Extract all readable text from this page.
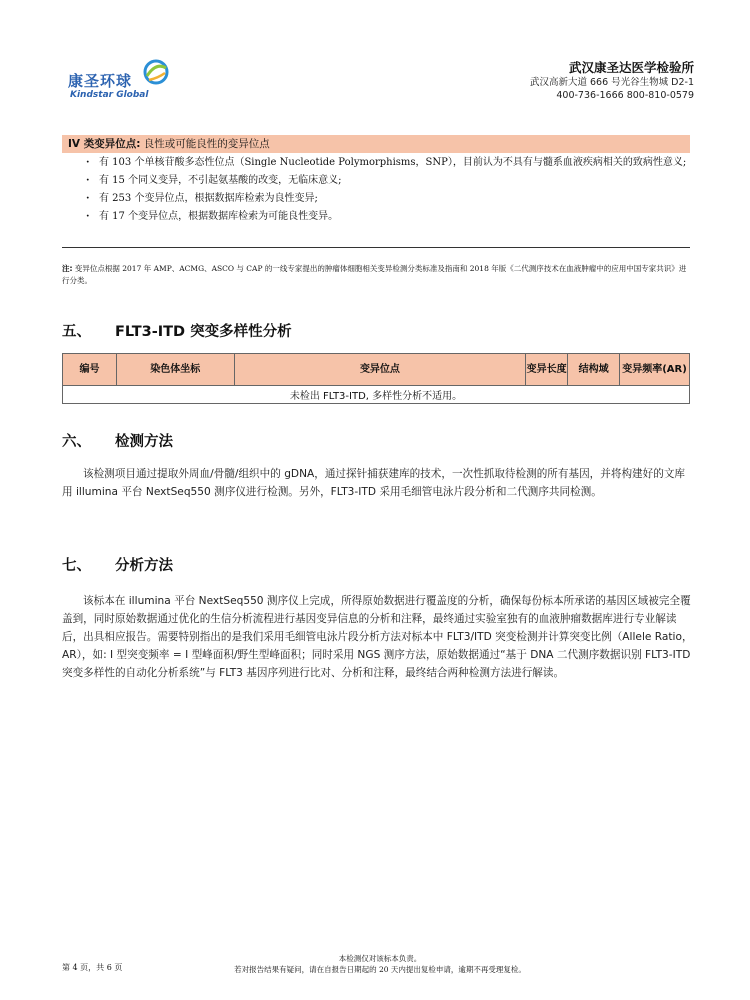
康圣环球
Kindstar Global
武汉康圣达医学检验所
武汉高新大道 666 号光谷生物城 D2-1
400-736-1666 800-810-0579
IV 类变异位点: 良性或可能良性的变异位点
· 有 103 个单核苷酸多态性位点（Single Nucleotide Polymorphisms，SNP），目前认为不具有与髓系血液疾病相关的致病性意义;
· 有 15 个同义变异，不引起氨基酸的改变，无临床意义;
· 有 253 个变异位点，根据数据库检索为良性变异;
· 有 17 个变异位点，根据数据库检索为可能良性变异。
注: 变异位点根据 2017 年 AMP、ACMG、ASCO 与 CAP 的一线专家提出的肿瘤体细胞相关变异检测分类标准及指南和 2018 年版《二代测序技术在血液肿瘤中的应用中国专家共识》进行分类。
五、 FLT3-ITD 突变多样性分析
编号	染色体坐标	变异位点	变异长度	结构域	变异频率(AR)
未检出 FLT3-ITD, 多样性分析不适用。
六、 检测方法
该检测项目通过提取外周血/骨髓/组织中的 gDNA，通过探针捕获建库的技术，一次性抓取待检测的所有基因，并将构建好的文库用 illumina 平台 NextSeq550 测序仪进行检测。另外，FLT3-ITD 采用毛细管电泳片段分析和二代测序共同检测。
七、 分析方法
该标本在 illumina 平台 NextSeq550 测序仪上完成，所得原始数据进行覆盖度的分析，确保每份标本所承诺的基因区域被完全覆盖到，同时原始数据通过优化的生信分析流程进行基因变异信息的分析和注释，最终通过实验室独有的血液肿瘤数据库进行专业解读后，出具相应报告。需要特别指出的是我们采用毛细管电泳片段分析方法对标本中 FLT3/ITD 突变检测并计算突变比例（Allele Ratio，AR），如: I 型突变频率 = I 型峰面积/野生型峰面积；同时采用 NGS 测序方法，原始数据通过“基于 DNA 二代测序数据识别 FLT3-ITD 突变多样性的自动化分析系统”与 FLT3 基因序列进行比对、分析和注释，最终结合两种检测方法进行解读。
第 4 页，共 6 页
本检测仅对该标本负责。
若对报告结果有疑问，请在自报告日期起的 20 天内提出复检申请，逾期不再受理复检。
